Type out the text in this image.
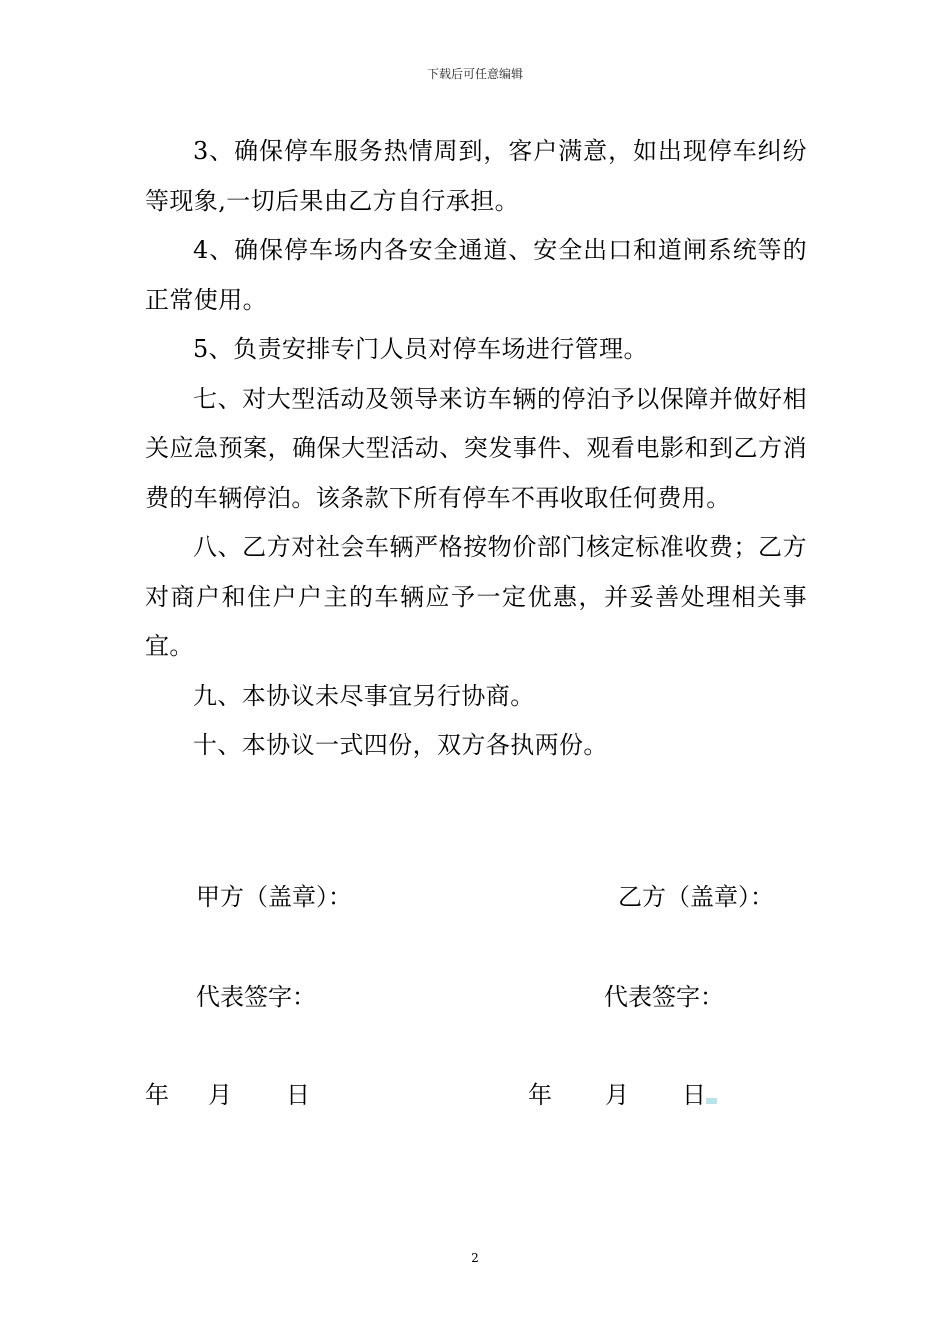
下载后可任意编辑

3、确保停车服务热情周到，客户满意，如出现停车纠纷等现象,一切后果由乙方自行承担。

4、确保停车场内各安全通道、安全出口和道闸系统等的正常使用。

5、负责安排专门人员对停车场进行管理。

七、对大型活动及领导来访车辆的停泊予以保障并做好相关应急预案，确保大型活动、突发事件、观看电影和到乙方消费的车辆停泊。该条款下所有停车不再收取任何费用。

八、乙方对社会车辆严格按物价部门核定标准收费；乙方对商户和住户户主的车辆应予一定优惠，并妥善处理相关事宜。

九、本协议未尽事宜另行协商。

十、本协议一式四份，双方各执两份。

甲方（盖章）：	乙方（盖章）：
代表签字：	代表签字：
年 月 日	年 月 日
2
